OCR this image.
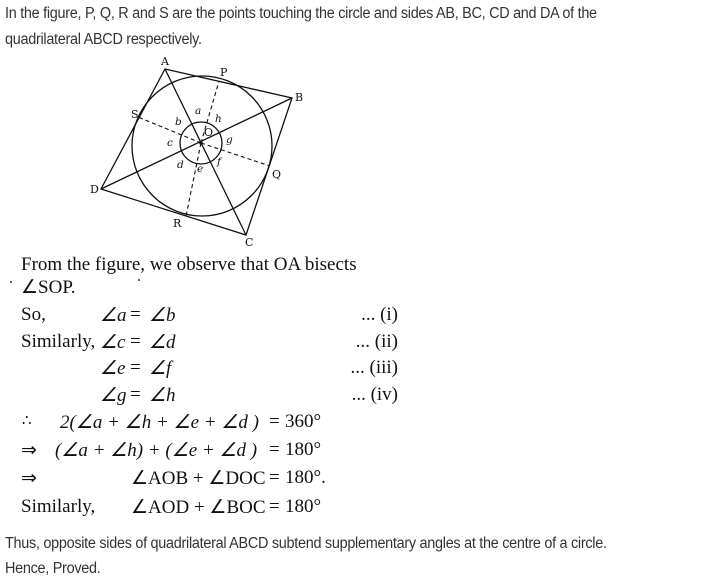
In the figure, P, Q, R and S are the points touching the circle and sides AB, BC, CD and DA of the
quadrilateral ABCD respectively.
A
P
B
S
Q
D
R
C
O
a
b	h
c	g
d e
f
From the figure, we observe that OA bisects
∠SOP.
So,	∠a = ∠b	... (i)
Similarly, ∠c = ∠d	... (ii)
∠e = ∠f	... (iii)
∠g = ∠h	... (iv)
∴ 2(∠a + ∠h + ∠e + ∠d ) = 360°
⇒ (∠a + ∠h) + (∠e + ∠d ) = 180°
⇒	∠AOB + ∠DOC = 180°.
Similarly, ∠AOD + ∠BOC = 180°
Thus, opposite sides of quadrilateral ABCD subtend supplementary angles at the centre of a circle.
Hence, Proved.
